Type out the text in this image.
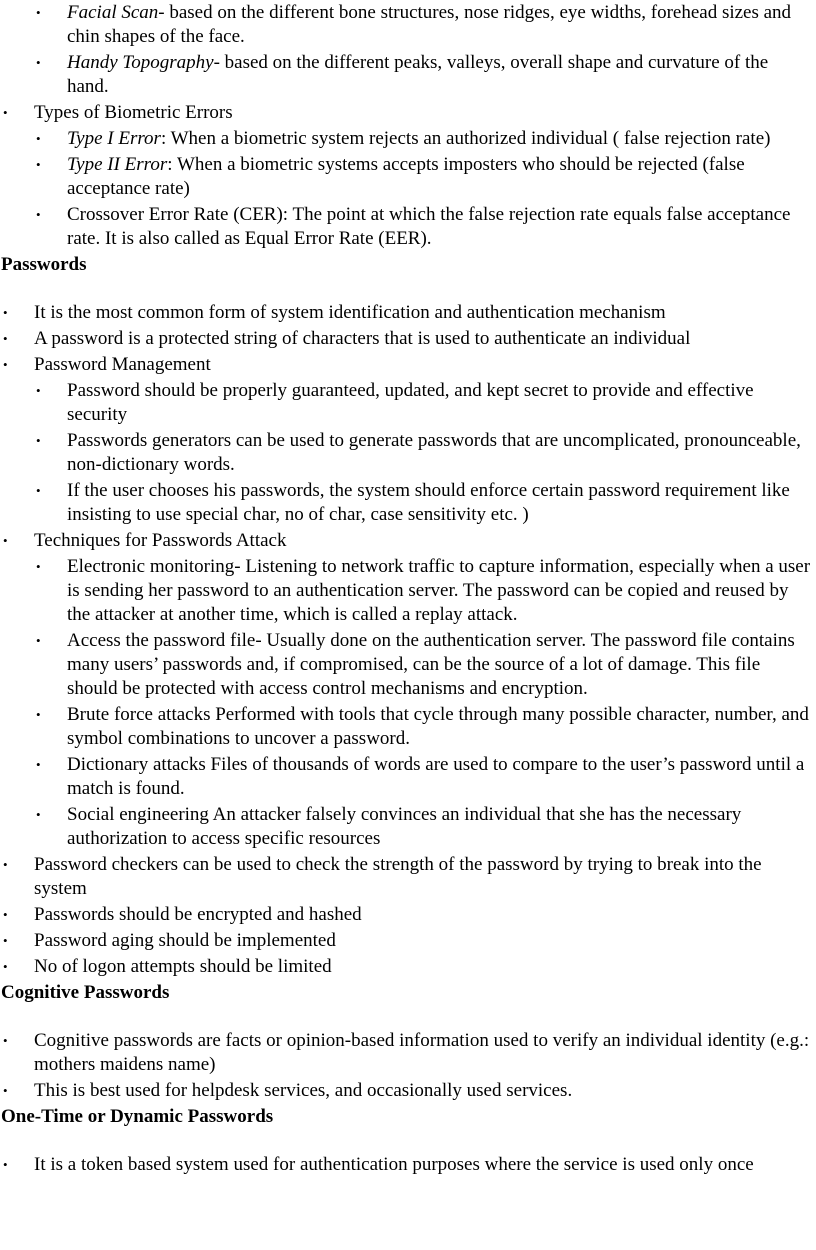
• Facial Scan- based on the different bone structures, nose ridges, eye widths, forehead sizes and chin shapes of the face.
• Handy Topography- based on the different peaks, valleys, overall shape and curvature of the hand.
• Types of Biometric Errors
• Type I Error: When a biometric system rejects an authorized individual ( false rejection rate)
• Type II Error: When a biometric systems accepts imposters who should be rejected (false acceptance rate)
• Crossover Error Rate (CER): The point at which the false rejection rate equals false acceptance rate. It is also called as Equal Error Rate (EER).
Passwords
• It is the most common form of system identification and authentication mechanism
• A password is a protected string of characters that is used to authenticate an individual
• Password Management
• Password should be properly guaranteed, updated, and kept secret to provide and effective security
• Passwords generators can be used to generate passwords that are uncomplicated, pronounceable, non-dictionary words.
• If the user chooses his passwords, the system should enforce certain password requirement like insisting to use special char, no of char, case sensitivity etc. )
• Techniques for Passwords Attack
• Electronic monitoring- Listening to network traffic to capture information, especially when a user is sending her password to an authentication server. The password can be copied and reused by the attacker at another time, which is called a replay attack.
• Access the password file- Usually done on the authentication server. The password file contains many users’ passwords and, if compromised, can be the source of a lot of damage. This file should be protected with access control mechanisms and encryption.
• Brute force attacks Performed with tools that cycle through many possible character, number, and symbol combinations to uncover a password.
• Dictionary attacks Files of thousands of words are used to compare to the user’s password until a match is found.
• Social engineering An attacker falsely convinces an individual that she has the necessary authorization to access specific resources
• Password checkers can be used to check the strength of the password by trying to break into the system
• Passwords should be encrypted and hashed
• Password aging should be implemented
• No of logon attempts should be limited
Cognitive Passwords
• Cognitive passwords are facts or opinion-based information used to verify an individual identity (e.g.: mothers maidens name)
• This is best used for helpdesk services, and occasionally used services.
One-Time or Dynamic Passwords
• It is a token based system used for authentication purposes where the service is used only once
